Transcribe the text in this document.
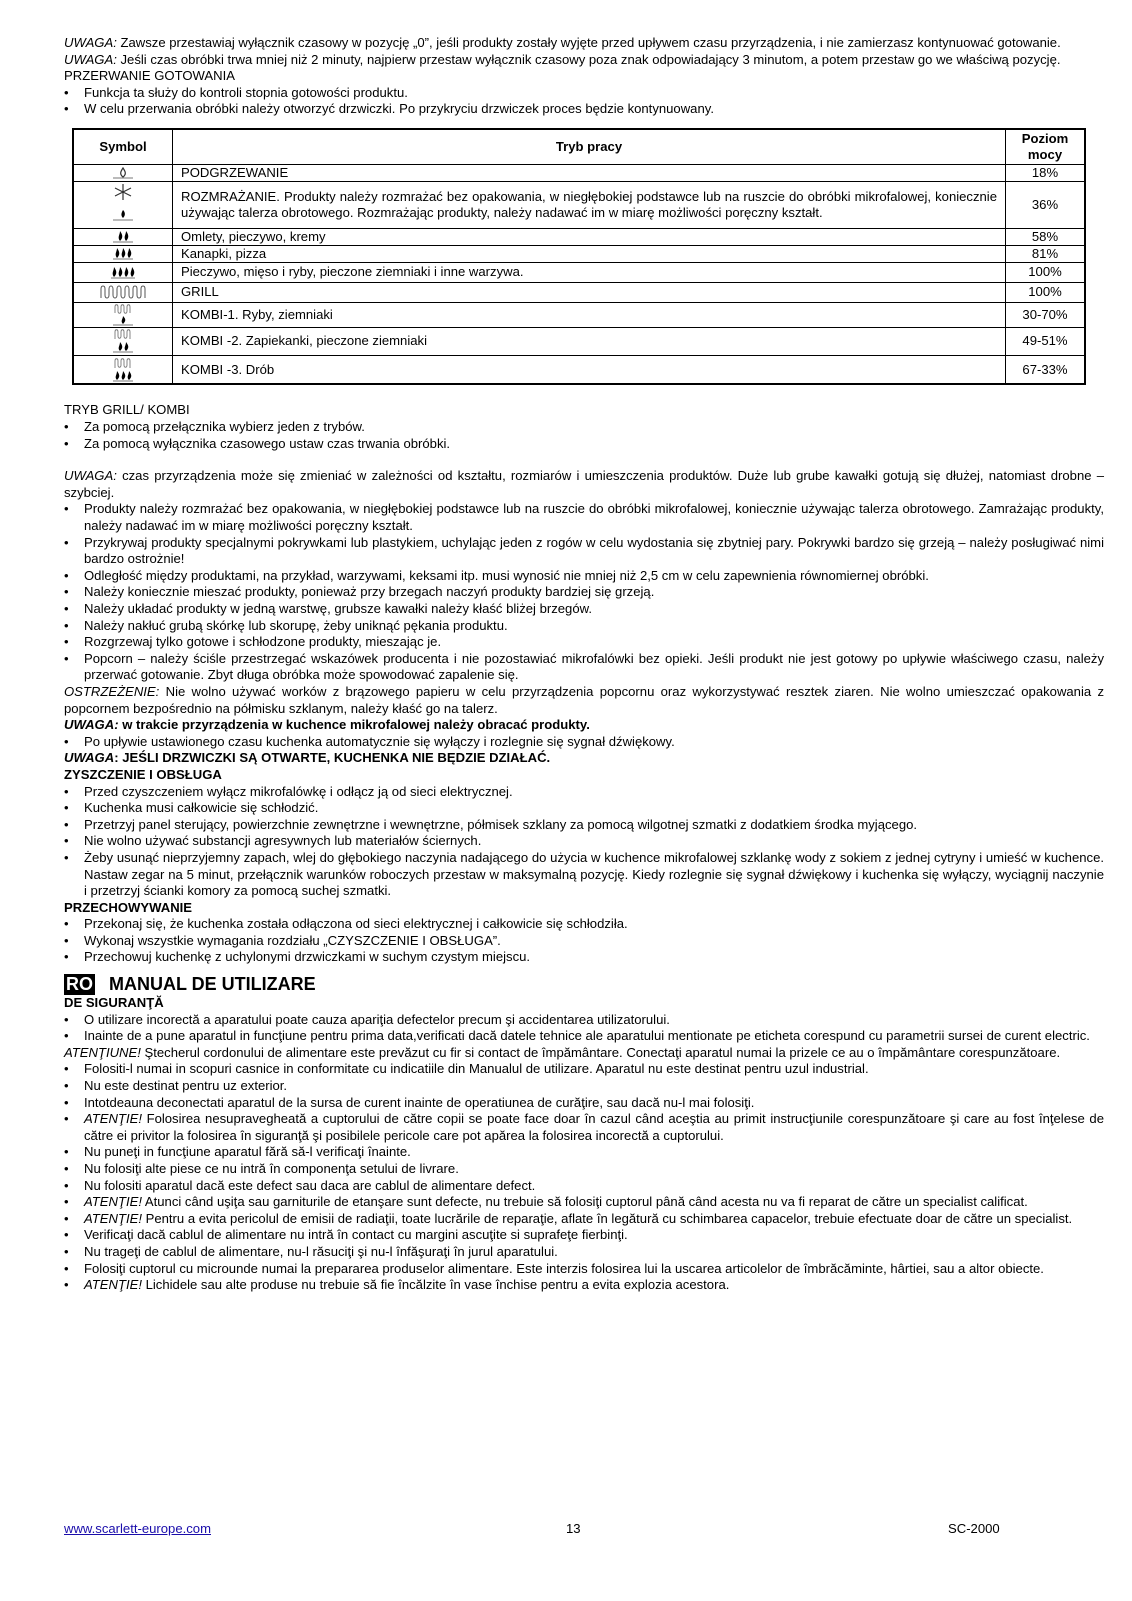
UWAGA: Zawsze przestawiaj wyłącznik czasowy w pozycję „0”, jeśli produkty zostały wyjęte przed upływem czasu przyrządzenia, i nie zamierzasz kontynuować gotowanie.

UWAGA: Jeśli czas obróbki trwa mniej niż 2 minuty, najpierw przestaw wyłącznik czasowy poza znak odpowiadający 3 minutom, a potem przestaw go we właściwą pozycję.

PRZERWANIE GOTOWANIA

• Funkcja ta służy do kontroli stopnia gotowości produktu.
• W celu przerwania obróbki należy otworzyć drzwiczki. Po przykryciu drzwiczek proces będzie kontynuowany.
Symbol	Tryb pracy	Poziom mocy

	PODGRZEWANIE	18%

	ROZMRAŻANIE. Produkty należy rozmrażać bez opakowania, w niegłębokiej podstawce lub na ruszcie do obróbki mikrofalowej, koniecznie używając talerza obrotowego. Rozmrażając produkty, należy nadawać im w miarę możliwości poręczny kształt.	36%

	Omlety, pieczywo, kremy	58%

	Kanapki, pizza	81%

	Pieczywo, mięso i ryby, pieczone ziemniaki i inne warzywa.	100%

	GRILL	100%

	KOMBI-1. Ryby, ziemniaki	30-70%

	KOMBI -2. Zapiekanki, pieczone ziemniaki	49-51%

	KOMBI -3. Drób	67-33%

TRYB GRILL/ KOMBI

• Za pomocą przełącznika wybierz jeden z trybów.
• Za pomocą wyłącznika czasowego ustaw czas trwania obróbki.

UWAGA: czas przyrządzenia może się zmieniać w zależności od kształtu, rozmiarów i umieszczenia produktów. Duże lub grube kawałki gotują się dłużej, natomiast drobne – szybciej.

• Produkty należy rozmrażać bez opakowania, w niegłębokiej podstawce lub na ruszcie do obróbki mikrofalowej, koniecznie używając talerza obrotowego. Zamrażając produkty, należy nadawać im w miarę możliwości poręczny kształt.
• Przykrywaj produkty specjalnymi pokrywkami lub plastykiem, uchylając jeden z rogów w celu wydostania się zbytniej pary. Pokrywki bardzo się grzeją – należy posługiwać nimi bardzo ostrożnie!
• Odległość między produktami, na przykład, warzywami, keksami itp. musi wynosić nie mniej niż 2,5 cm w celu zapewnienia równomiernej obróbki.
• Należy koniecznie mieszać produkty, ponieważ przy brzegach naczyń produkty bardziej się grzeją.
• Należy układać produkty w jedną warstwę, grubsze kawałki należy kłaść bliżej brzegów.
• Należy nakłuć grubą skórkę lub skorupę, żeby uniknąć pękania produktu.
• Rozgrzewaj tylko gotowe i schłodzone produkty, mieszając je.
• Popcorn – należy ściśle przestrzegać wskazówek producenta i nie pozostawiać mikrofalówki bez opieki. Jeśli produkt nie jest gotowy po upływie właściwego czasu, należy przerwać gotowanie. Zbyt długa obróbka może spowodować zapalenie się.

OSTRZEŻENIE: Nie wolno używać worków z brązowego papieru w celu przyrządzenia popcornu oraz wykorzystywać resztek ziaren. Nie wolno umieszczać opakowania z popcornem bezpośrednio na półmisku szklanym, należy kłaść go na talerz.

UWAGA: w trakcie przyrządzenia w kuchence mikrofalowej należy obracać produkty.

• Po upływie ustawionego czasu kuchenka automatycznie się wyłączy i rozlegnie się sygnał dźwiękowy.

UWAGA: JEŚLI DRZWICZKI SĄ OTWARTE, KUCHENKA NIE BĘDZIE DZIAŁAĆ.

ZYSZCZENIE I OBSŁUGA

• Przed czyszczeniem wyłącz mikrofalówkę i odłącz ją od sieci elektrycznej.
• Kuchenka musi całkowicie się schłodzić.
• Przetrzyj panel sterujący, powierzchnie zewnętrzne i wewnętrzne, półmisek szklany za pomocą wilgotnej szmatki z dodatkiem środka myjącego.
• Nie wolno używać substancji agresywnych lub materiałów ściernych.
• Żeby usunąć nieprzyjemny zapach, wlej do głębokiego naczynia nadającego do użycia w kuchence mikrofalowej szklankę wody z sokiem z jednej cytryny i umieść w kuchence. Nastaw zegar na 5 minut, przełącznik warunków roboczych przestaw w maksymalną pozycję. Kiedy rozlegnie się sygnał dźwiękowy i kuchenka się wyłączy, wyciągnij naczynie i przetrzyj ścianki komory za pomocą suchej szmatki.

PRZECHOWYWANIE

• Przekonaj się, że kuchenka została odłączona od sieci elektrycznej i całkowicie się schłodziła.
• Wykonaj wszystkie wymagania rozdziału „CZYSZCZENIE I OBSŁUGA”.
• Przechowuj kuchenkę z uchylonymi drzwiczkami w suchym czystym miejscu.
RO MANUAL DE UTILIZARE

DE SIGURANŢĂ

• O utilizare incorectă a aparatului poate cauza apariţia defectelor precum şi accidentarea utilizatorului.
• Inainte de a pune aparatul in funcţiune pentru prima data,verificati dacă datele tehnice ale aparatului mentionate pe etichetа corespund cu parametrii sursei de curent electric.

ATENŢIUNE! Ştecherul cordonului de alimentare este prevăzut cu fir si contact de împământare. Conectaţi aparatul numai la prizele ce au o împământare corespunzătoare.

• Folositi-l numai in scopuri casnice in conformitate cu indicatiile din Manualul de utilizare. Aparatul nu este destinat pentru uzul industrial.
• Nu este destinat pentru uz exterior.
• Intotdeauna deconectati aparatul de la sursa de curent inainte de operatiunea de curăţire, sau dacă nu-l mai folosiţi.
• ATENŢIE! Folosirea nesupravegheată a cuptorului de către copii se poate face doar în cazul când aceştia au primit instrucţiunile corespunzătoare şi care au fost înţelese de către ei privitor la folosirea în siguranţă şi posibilele pericole care pot apărea la folosirea incorectă a cuptorului.
• Nu puneţi in funcţiune aparatul fără să-l verificaţi înainte.
• Nu folosiţi alte piese ce nu intră în componenţa setului de livrare.
• Nu folositi aparatul dacă este defect sau daca are cablul de alimentare defect.
• ATENŢIE! Atunci când uşiţa sau garniturile de etanşare sunt defecte, nu trebuie să folosiţi cuptorul până când acesta nu va fi reparat de către un specialist calificat.
• ATENŢIE! Pentru a evita pericolul de emisii de radiaţii, toate lucrările de reparaţie, aflate în legătură cu schimbarea capacelor, trebuie efectuate doar de către un specialist.
• Verificaţi dacă cablul de alimentare nu intră în contact cu margini ascuţite si suprafeţe fierbinţi.
• Nu trageţi de cablul de alimentare, nu-l răsuciţi şi nu-l înfăşuraţi în jurul aparatului.
• Folosiţi cuptorul cu microunde numai la prepararea produselor alimentare. Este interzis folosirea lui la uscarea articolelor de îmbrăcăminte, hârtiei, sau a altor obiecte.
• ATENŢIE! Lichidele sau alte produse nu trebuie să fie încălzite în vase închise pentru a evita explozia acestora.
www.scarlett-europe.com	13	SC-2000
